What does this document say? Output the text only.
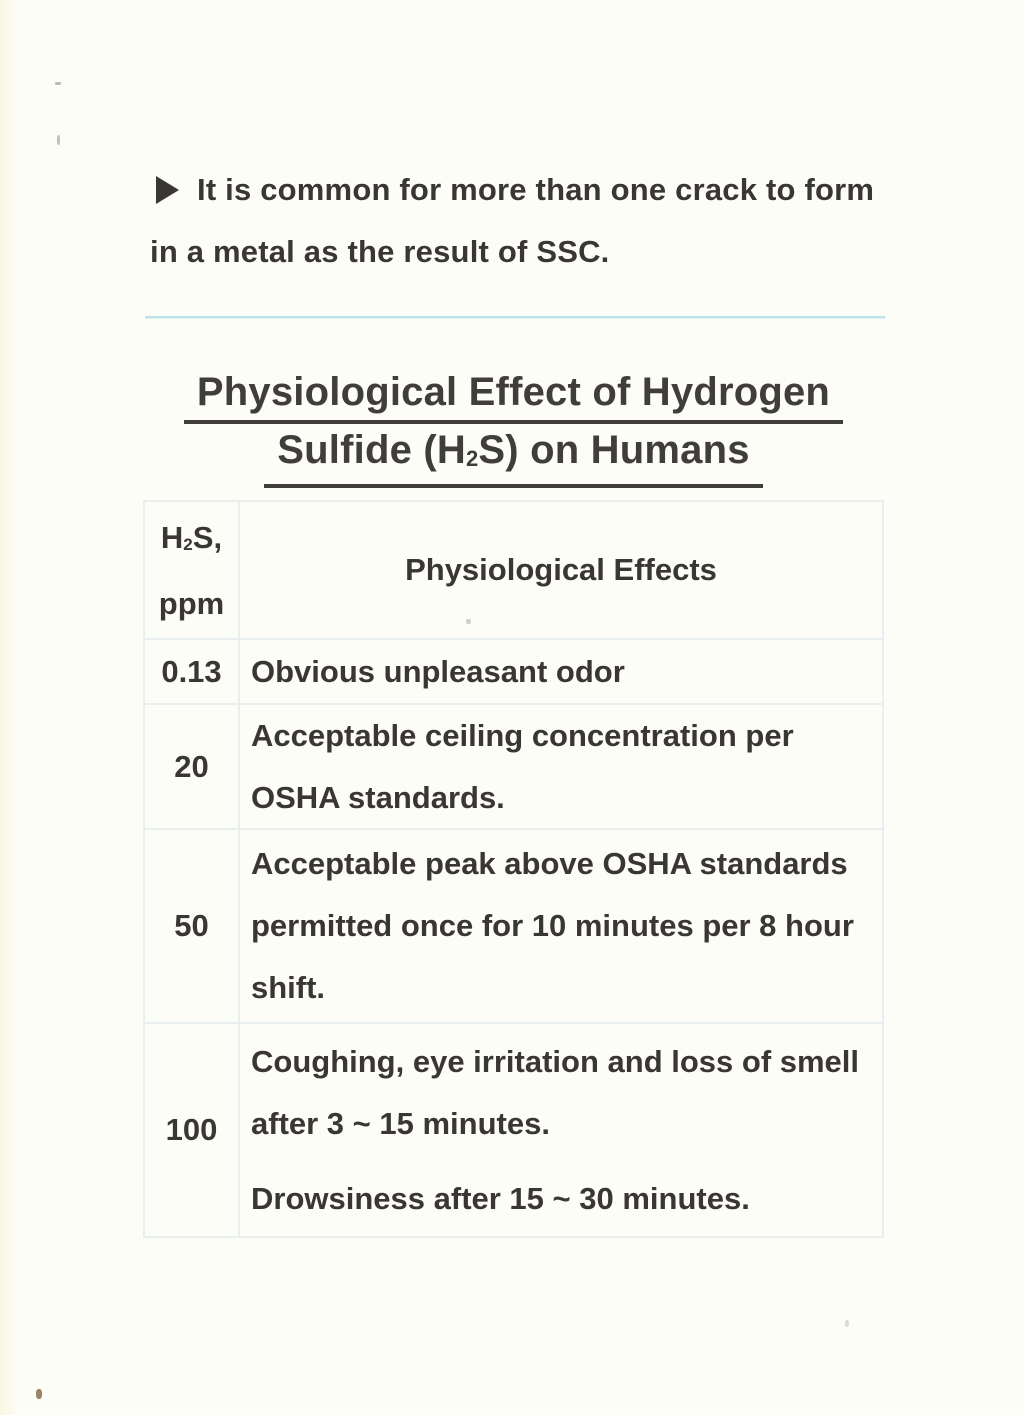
It is common for more than one crack to form
in a metal as the result of SSC.
Physiological Effect of Hydrogen
Sulfide $(H_2S)$ on Humans
$H_2S$,
ppm
Physiological Effects
0.13 Obvious unpleasant odor
20
Acceptable ceiling concentration per
OSHA standards.
50
Acceptable peak above OSHA standards
permitted once for 10 minutes per 8 hour
shift.
100
Coughing, eye irritation and loss of smell
after 3 ~ 15 minutes.
Drowsiness after 15 ~ 30 minutes.
